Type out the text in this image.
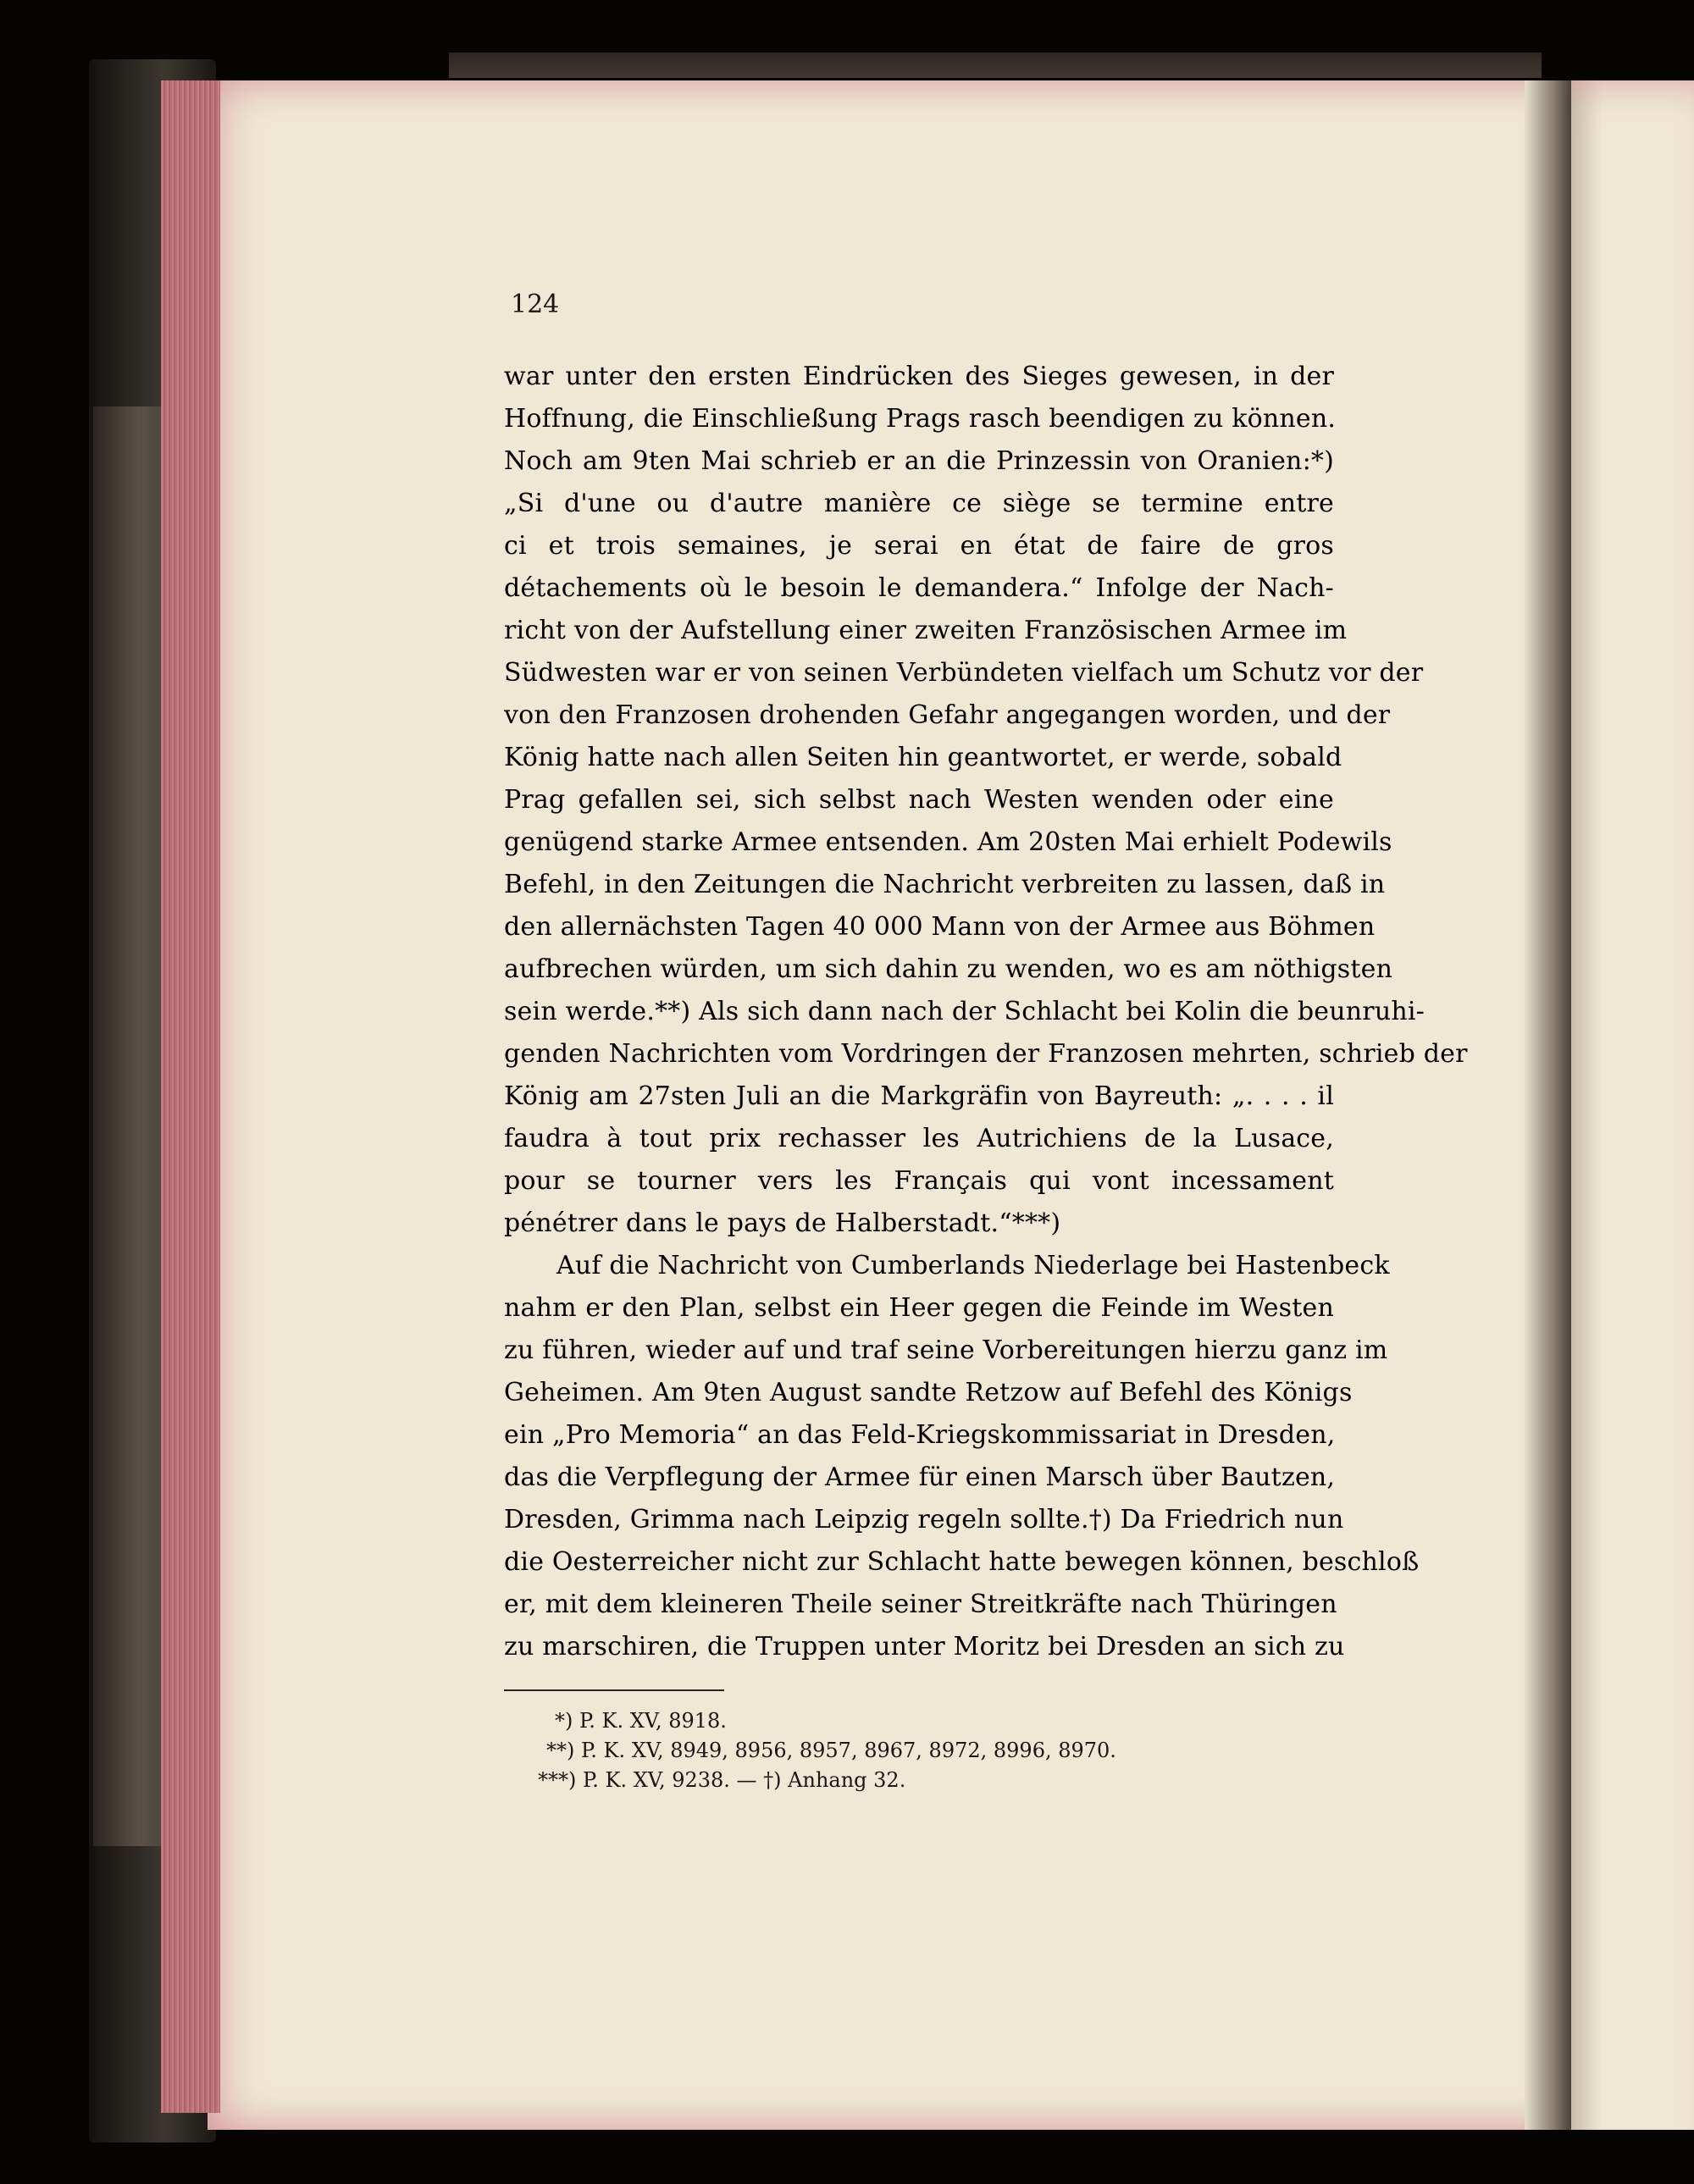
124

war unter den ersten Eindrücken des Sieges gewesen, in der
Hoffnung, die Einschließung Prags rasch beendigen zu können.
Noch am 9ten Mai schrieb er an die Prinzessin von Oranien:*)
„Si d'une ou d'autre manière ce siège se termine entre
ci et trois semaines, je serai en état de faire de gros
détachements où le besoin le demandera.“ Infolge der Nach-
richt von der Aufstellung einer zweiten Französischen Armee im
Südwesten war er von seinen Verbündeten vielfach um Schutz vor der
von den Franzosen drohenden Gefahr angegangen worden, und der
König hatte nach allen Seiten hin geantwortet, er werde, sobald
Prag gefallen sei, sich selbst nach Westen wenden oder eine
genügend starke Armee entsenden. Am 20sten Mai erhielt Podewils
Befehl, in den Zeitungen die Nachricht verbreiten zu lassen, daß in
den allernächsten Tagen 40 000 Mann von der Armee aus Böhmen
aufbrechen würden, um sich dahin zu wenden, wo es am nöthigsten
sein werde.**) Als sich dann nach der Schlacht bei Kolin die beunruhi-
genden Nachrichten vom Vordringen der Franzosen mehrten, schrieb der
König am 27sten Juli an die Markgräfin von Bayreuth: „. . . . il
faudra à tout prix rechasser les Autrichiens de la Lusace,
pour se tourner vers les Français qui vont incessament
pénétrer dans le pays de Halberstadt.“***)
Auf die Nachricht von Cumberlands Niederlage bei Hastenbeck
nahm er den Plan, selbst ein Heer gegen die Feinde im Westen
zu führen, wieder auf und traf seine Vorbereitungen hierzu ganz im
Geheimen. Am 9ten August sandte Retzow auf Befehl des Königs
ein „Pro Memoria“ an das Feld-Kriegskommissariat in Dresden,
das die Verpflegung der Armee für einen Marsch über Bautzen,
Dresden, Grimma nach Leipzig regeln sollte.†) Da Friedrich nun
die Oesterreicher nicht zur Schlacht hatte bewegen können, beschloß
er, mit dem kleineren Theile seiner Streitkräfte nach Thüringen
zu marschiren, die Truppen unter Moritz bei Dresden an sich zu

*) P. K. XV, 8918.

**) P. K. XV, 8949, 8956, 8957, 8967, 8972, 8996, 8970.

***) P. K. XV, 9238. — †) Anhang 32.
